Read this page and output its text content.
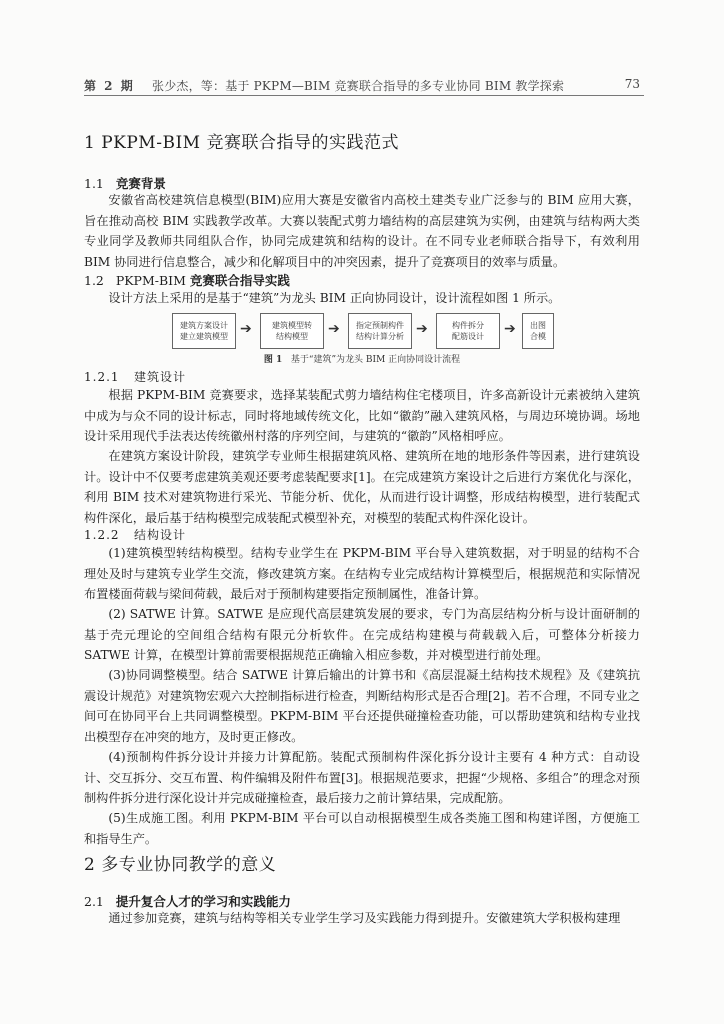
第 2 期 张少杰，等：基于 PKPM—BIM 竞赛联合指导的多专业协同 BIM 教学探索	73
1 PKPM-BIM 竞赛联合指导的实践范式
1.1 竞赛背景
安徽省高校建筑信息模型(BIM)应用大赛是安徽省内高校土建类专业广泛参与的 BIM 应用大赛，旨在推动高校 BIM 实践教学改革。大赛以装配式剪力墙结构的高层建筑为实例，由建筑与结构两大类专业同学及教师共同组队合作，协同完成建筑和结构的设计。在不同专业老师联合指导下，有效利用 BIM 协同进行信息整合，减少和化解项目中的冲突因素，提升了竞赛项目的效率与质量。
1.2 PKPM-BIM 竞赛联合指导实践
设计方法上采用的是基于“建筑”为龙头 BIM 正向协同设计，设计流程如图 1 所示。
建筑方案设计
建立建筑模型 ➔	建筑模型转
结构模型 ➔ 指定预制构件
结构计算分析 ➔	构件拆分
配筋设计 ➔ 出图
合模
图 1 基于“建筑”为龙头 BIM 正向协同设计流程
1.2.1 建筑设计
根据 PKPM-BIM 竞赛要求，选择某装配式剪力墙结构住宅楼项目，许多高新设计元素被纳入建筑中成为与众不同的设计标志，同时将地域传统文化，比如“徽韵”融入建筑风格，与周边环境协调。场地设计采用现代手法表达传统徽州村落的序列空间，与建筑的“徽韵”风格相呼应。
在建筑方案设计阶段，建筑学专业师生根据建筑风格、建筑所在地的地形条件等因素，进行建筑设计。设计中不仅要考虑建筑美观还要考虑装配要求[1]。在完成建筑方案设计之后进行方案优化与深化，利用 BIM 技术对建筑物进行采光、节能分析、优化，从而进行设计调整，形成结构模型，进行装配式构件深化，最后基于结构模型完成装配式模型补充，对模型的装配式构件深化设计。
1.2.2 结构设计
(1)建筑模型转结构模型。结构专业学生在 PKPM-BIM 平台导入建筑数据，对于明显的结构不合理处及时与建筑专业学生交流，修改建筑方案。在结构专业完成结构计算模型后，根据规范和实际情况布置楼面荷载与梁间荷载，最后对于预制构建要指定预制属性，准备计算。
(2) SATWE 计算。SATWE 是应现代高层建筑发展的要求，专门为高层结构分析与设计面研制的基于壳元理论的空间组合结构有限元分析软件。在完成结构建模与荷载载入后，可整体分析接力 SATWE 计算，在模型计算前需要根据规范正确输入相应参数，并对模型进行前处理。
(3)协同调整模型。结合 SATWE 计算后输出的计算书和《高层混凝土结构技术规程》及《建筑抗震设计规范》对建筑物宏观六大控制指标进行检查，判断结构形式是否合理[2]。若不合理，不同专业之间可在协同平台上共同调整模型。PKPM-BIM 平台还提供碰撞检查功能，可以帮助建筑和结构专业找出模型存在冲突的地方，及时更正修改。
(4)预制构件拆分设计并接力计算配筋。装配式预制构件深化拆分设计主要有 4 种方式：自动设计、交互拆分、交互布置、构件编辑及附件布置[3]。根据规范要求，把握“少规格、多组合”的理念对预制构件拆分进行深化设计并完成碰撞检查，最后接力之前计算结果，完成配筋。
(5)生成施工图。利用 PKPM-BIM 平台可以自动根据模型生成各类施工图和构建详图，方便施工和指导生产。
2 多专业协同教学的意义
2.1 提升复合人才的学习和实践能力
通过参加竞赛，建筑与结构等相关专业学生学习及实践能力得到提升。安徽建筑大学积极构建理
